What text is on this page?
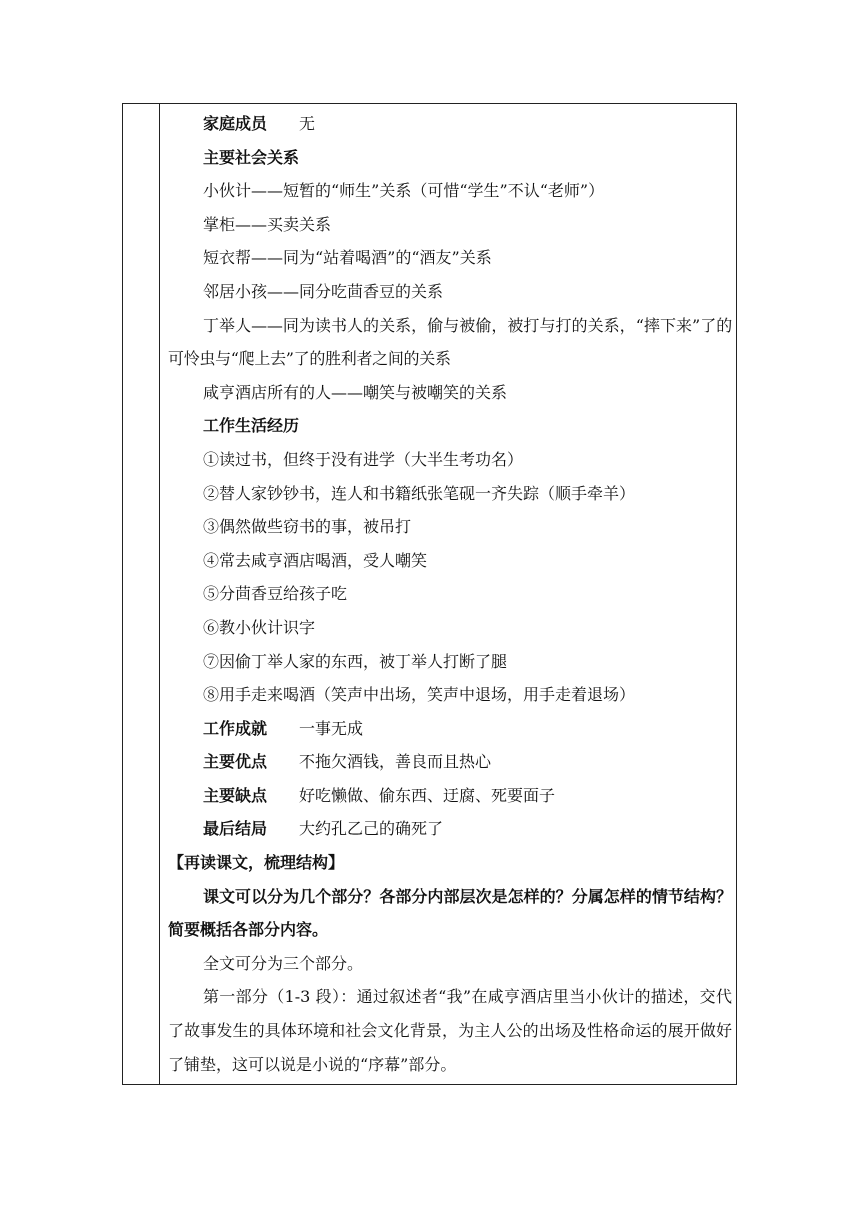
家庭成员 无

主要社会关系

小伙计——短暂的“师生”关系（可惜“学生”不认“老师”）

掌柜——买卖关系

短衣帮——同为“站着喝酒”的“酒友”关系

邻居小孩——同分吃茴香豆的关系

丁举人——同为读书人的关系，偷与被偷，被打与打的关系，“摔下来”了的可怜虫与“爬上去”了的胜利者之间的关系

咸亨酒店所有的人——嘲笑与被嘲笑的关系

工作生活经历

①读过书，但终于没有进学（大半生考功名）

②替人家钞钞书，连人和书籍纸张笔砚一齐失踪（顺手牵羊）

③偶然做些窃书的事，被吊打

④常去咸亨酒店喝酒，受人嘲笑

⑤分茴香豆给孩子吃

⑥教小伙计识字

⑦因偷丁举人家的东西，被丁举人打断了腿

⑧用手走来喝酒（笑声中出场，笑声中退场，用手走着退场）

工作成就 一事无成

主要优点 不拖欠酒钱，善良而且热心

主要缺点 好吃懒做、偷东西、迂腐、死要面子

最后结局 大约孔乙己的确死了

【再读课文，梳理结构】

课文可以分为几个部分？各部分内部层次是怎样的？分属怎样的情节结构？简要概括各部分内容。

全文可分为三个部分。

第一部分（1-3 段）：通过叙述者“我”在咸亨酒店里当小伙计的描述，交代了故事发生的具体环境和社会文化背景，为主人公的出场及性格命运的展开做好了铺垫，这可以说是小说的“序幕”部分。
